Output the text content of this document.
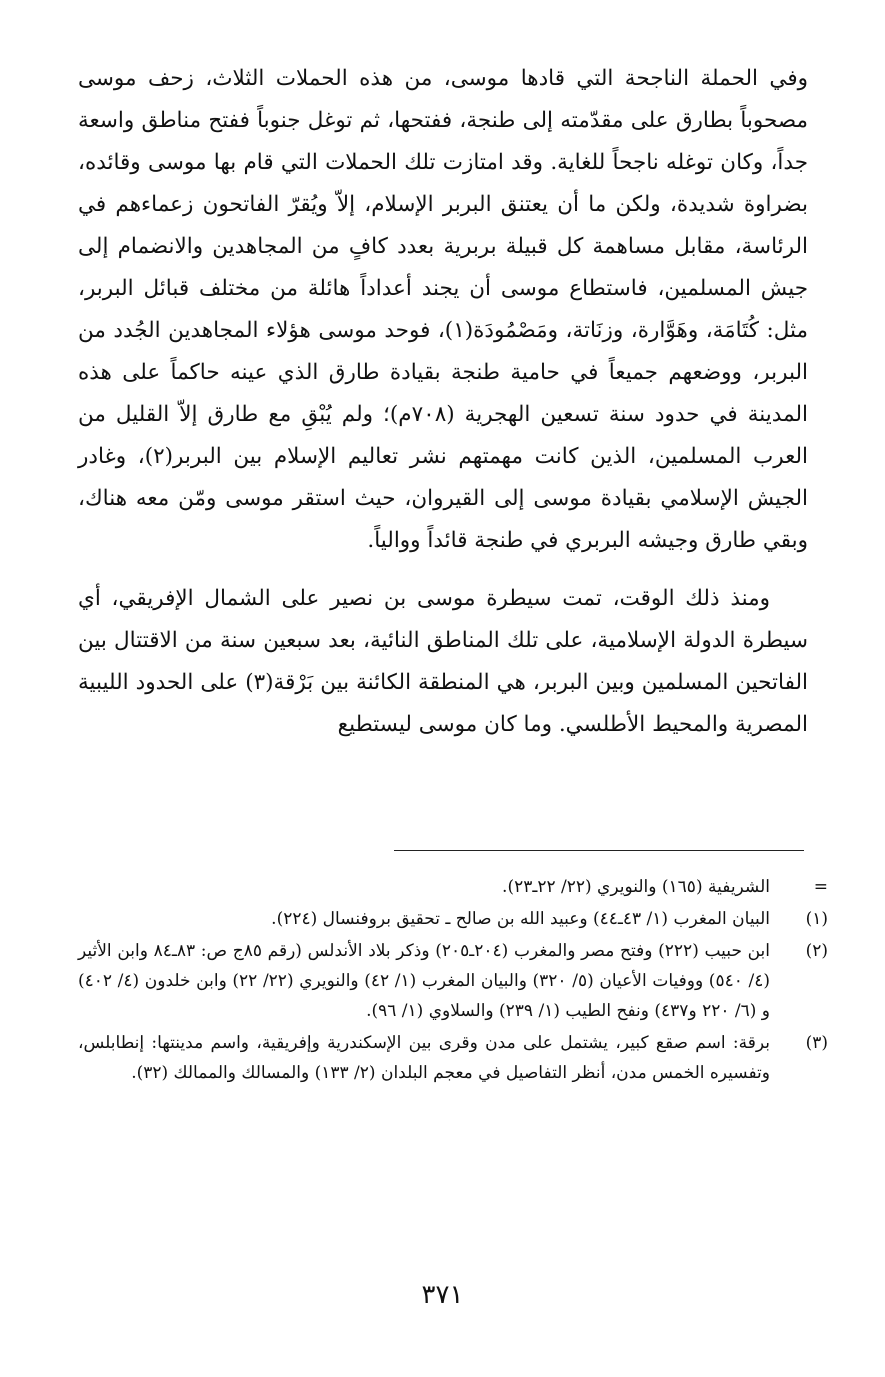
وفي الحملة الناجحة التي قادها موسى، من هذه الحملات الثلاث، زحف موسى مصحوباً بطارق على مقدّمته إلى طنجة، ففتحها، ثم توغل جنوباً ففتح مناطق واسعة جداً، وكان توغله ناجحاً للغاية. وقد امتازت تلك الحملات التي قام بها موسى وقائده، بضراوة شديدة، ولكن ما أن يعتنق البربر الإسلام، إلاّ ويُقرّ الفاتحون زعماءهم في الرئاسة، مقابل مساهمة كل قبيلة بربرية بعدد كافٍ من المجاهدين والانضمام إلى جيش المسلمين، فاستطاع موسى أن يجند أعداداً هائلة من مختلف قبائل البربر، مثل: كُتَامَة، وهَوَّارة، وزنَاتة، ومَصْمُودَة(١)، فوحد موسى هؤلاء المجاهدين الجُدد من البربر، ووضعهم جميعاً في حامية طنجة بقيادة طارق الذي عينه حاكماً على هذه المدينة في حدود سنة تسعين الهجرية (٧٠٨م)؛ ولم يُبْقِ مع طارق إلاّ القليل من العرب المسلمين، الذين كانت مهمتهم نشر تعاليم الإسلام بين البربر(٢)، وغادر الجيش الإسلامي بقيادة موسى إلى القيروان، حيث استقر موسى ومّن معه هناك، وبقي طارق وجيشه البربري في طنجة قائداً ووالياً.

ومنذ ذلك الوقت، تمت سيطرة موسى بن نصير على الشمال الإفريقي، أي سيطرة الدولة الإسلامية، على تلك المناطق النائية، بعد سبعين سنة من الاقتتال بين الفاتحين المسلمين وبين البربر، هي المنطقة الكائنة بين بَرْقة(٣) على الحدود الليبية المصرية والمحيط الأطلسي. وما كان موسى ليستطيع

=
الشريفية (١٦٥) والنويري (٢٢/ ٢٢ـ٢٣).
(١)
البيان المغرب (١/ ٤٣ـ٤٤) وعبيد الله بن صالح ـ تحقيق بروفنسال (٢٢٤).
(٢)
ابن حبيب (٢٢٢) وفتح مصر والمغرب (٢٠٤ـ٢٠٥) وذكر بلاد الأندلس (رقم ٨٥ج ص: ٨٣ـ٨٤ وابن الأثير (٤/ ٥٤٠) ووفيات الأعيان (٥/ ٣٢٠) والبيان المغرب (١/ ٤٢) والنويري (٢٢/ ٢٢) وابن خلدون (٤/ ٤٠٢) و (٦/ ٢٢٠ و٤٣٧) ونفح الطيب (١/ ٢٣٩) والسلاوي (١/ ٩٦).
(٣)
برقة: اسم صقع كبير، يشتمل على مدن وقرى بين الإسكندرية وإفريقية، واسم مدينتها: إنطابلس، وتفسيره الخمس مدن، أنظر التفاصيل في معجم البلدان (٢/ ١٣٣) والمسالك والممالك (٣٢).
٣٧١
